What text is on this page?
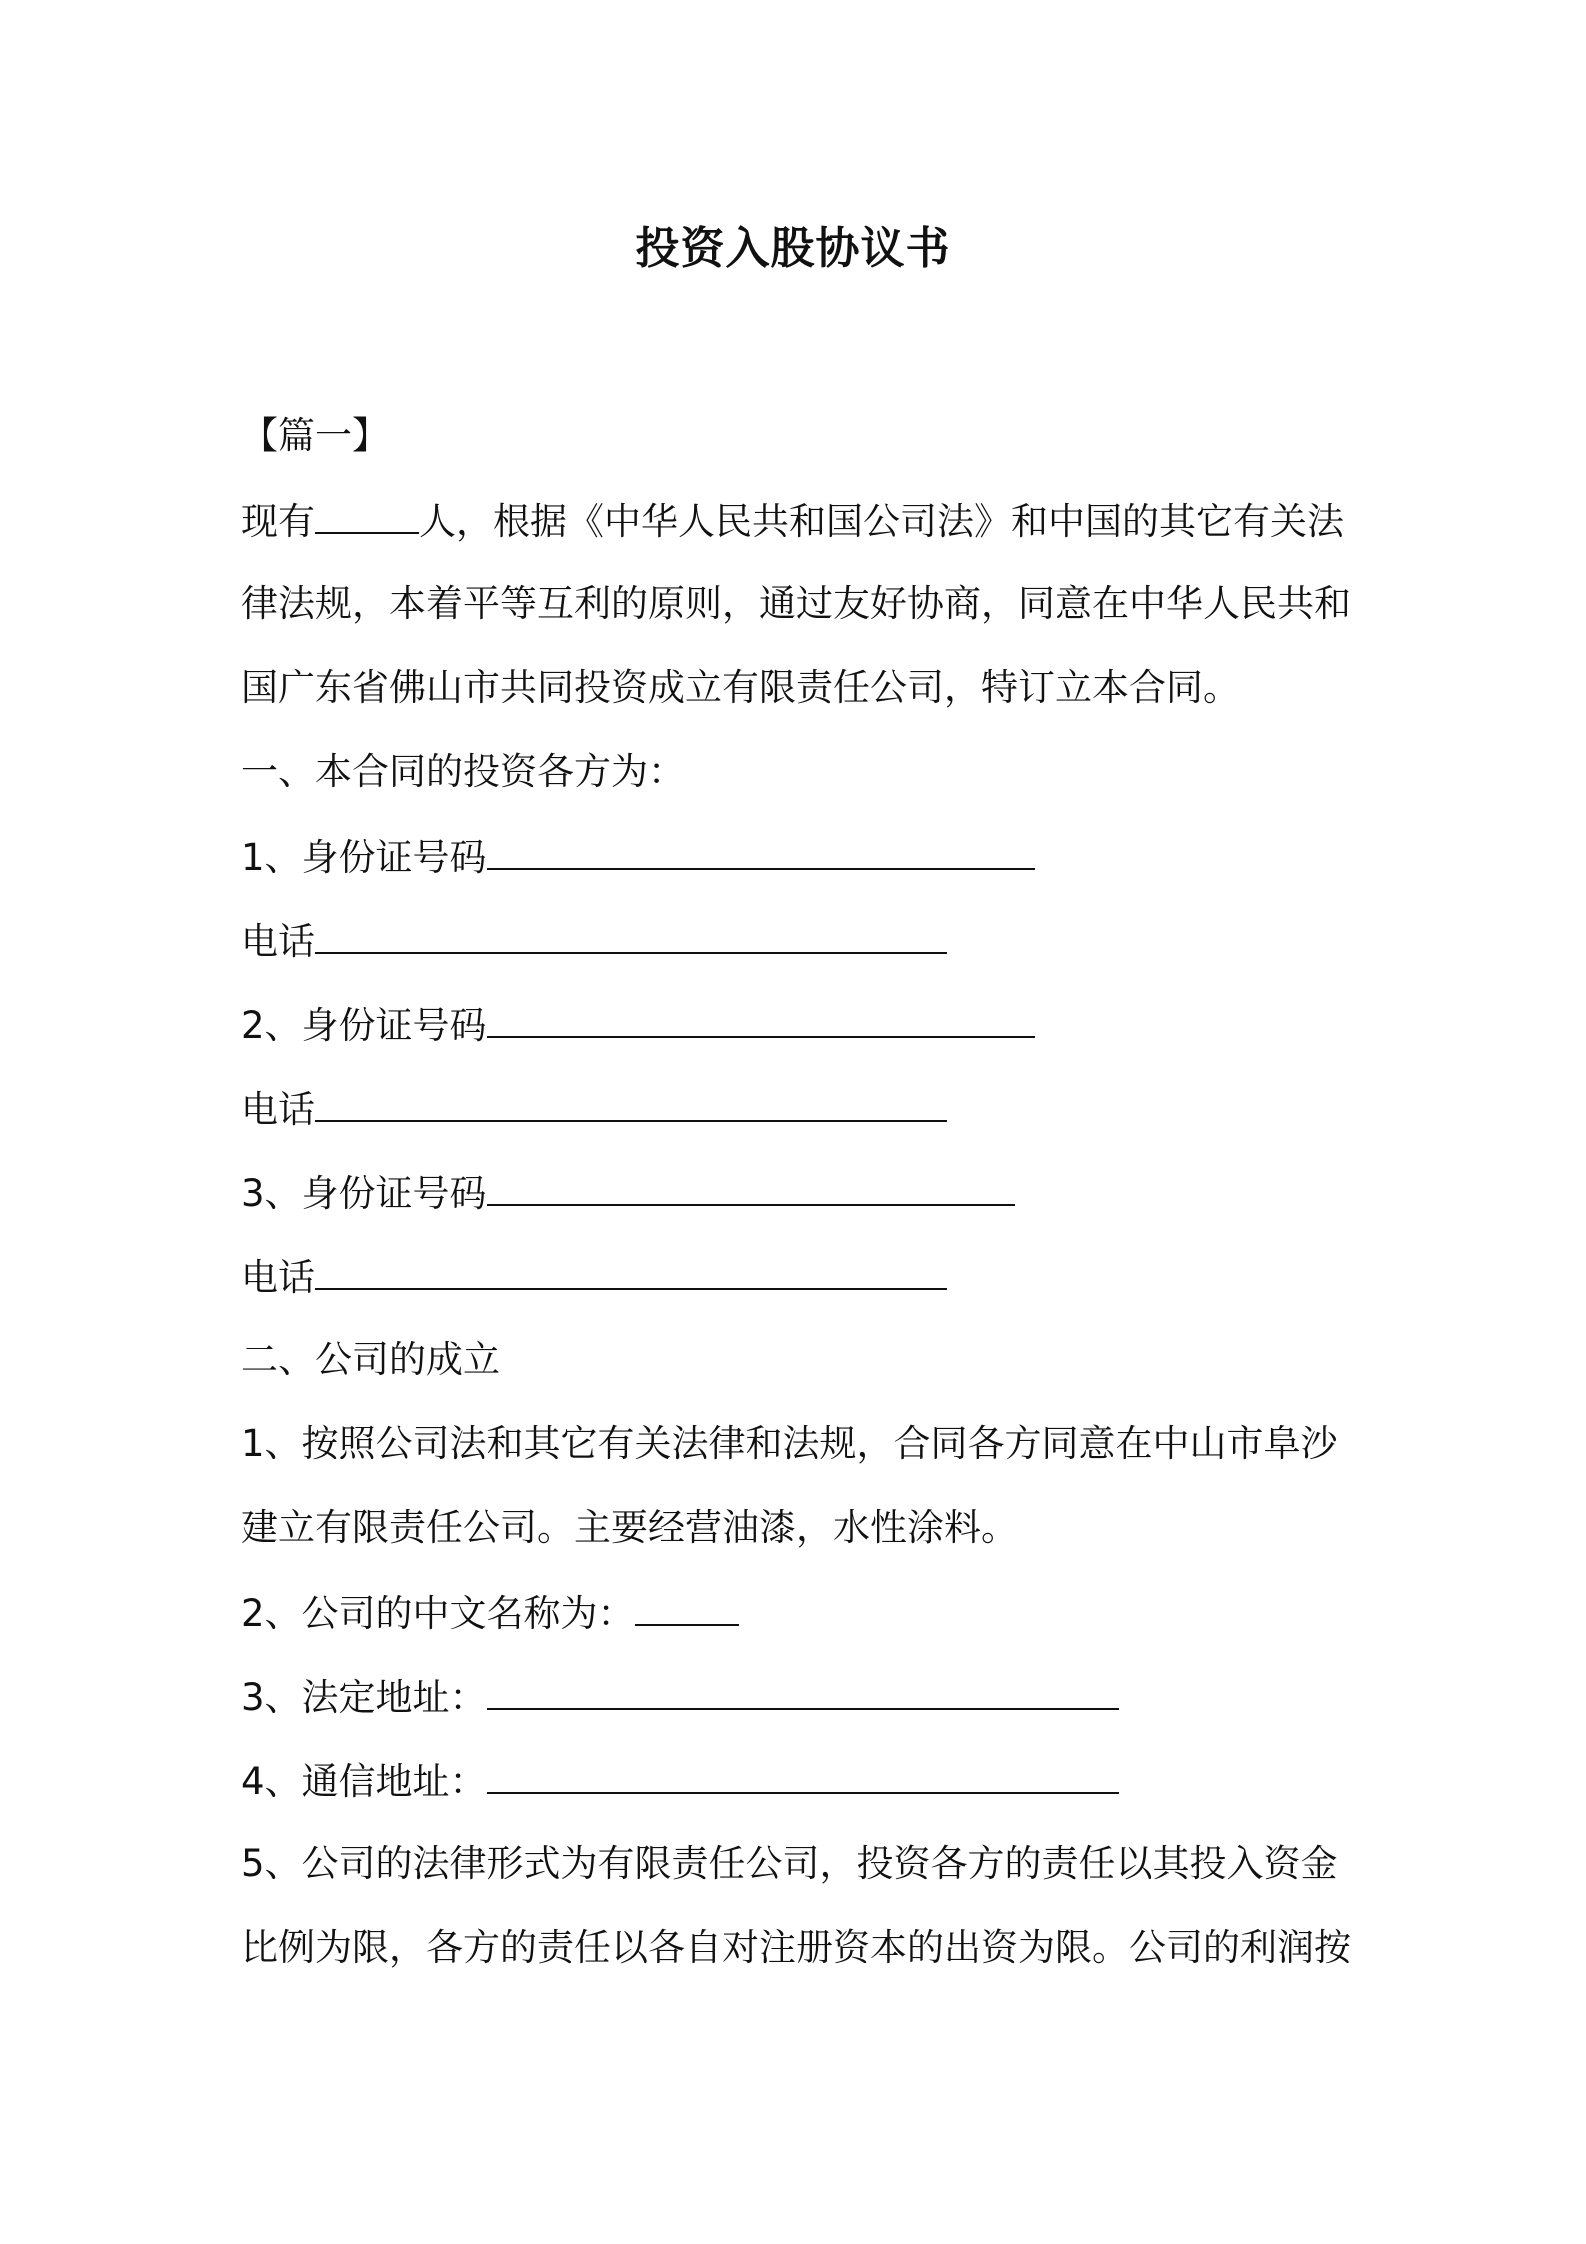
投资入股协议书
【篇一】
现有	人，根据《中华人民共和国公司法》和中国的其它有关法
律法规，本着平等互利的原则，通过友好协商，同意在中华人民共和
国广东省佛山市共同投资成立有限责任公司，特订立本合同。
一、本合同的投资各方为：
1、身份证号码
电话
2、身份证号码
电话
3、身份证号码
电话
二、公司的成立
1、按照公司法和其它有关法律和法规，合同各方同意在中山市阜沙
建立有限责任公司。主要经营油漆，水性涂料。
2、公司的中文名称为：
3、法定地址：
4、通信地址：
5、公司的法律形式为有限责任公司，投资各方的责任以其投入资金
比例为限，各方的责任以各自对注册资本的出资为限。公司的利润按
